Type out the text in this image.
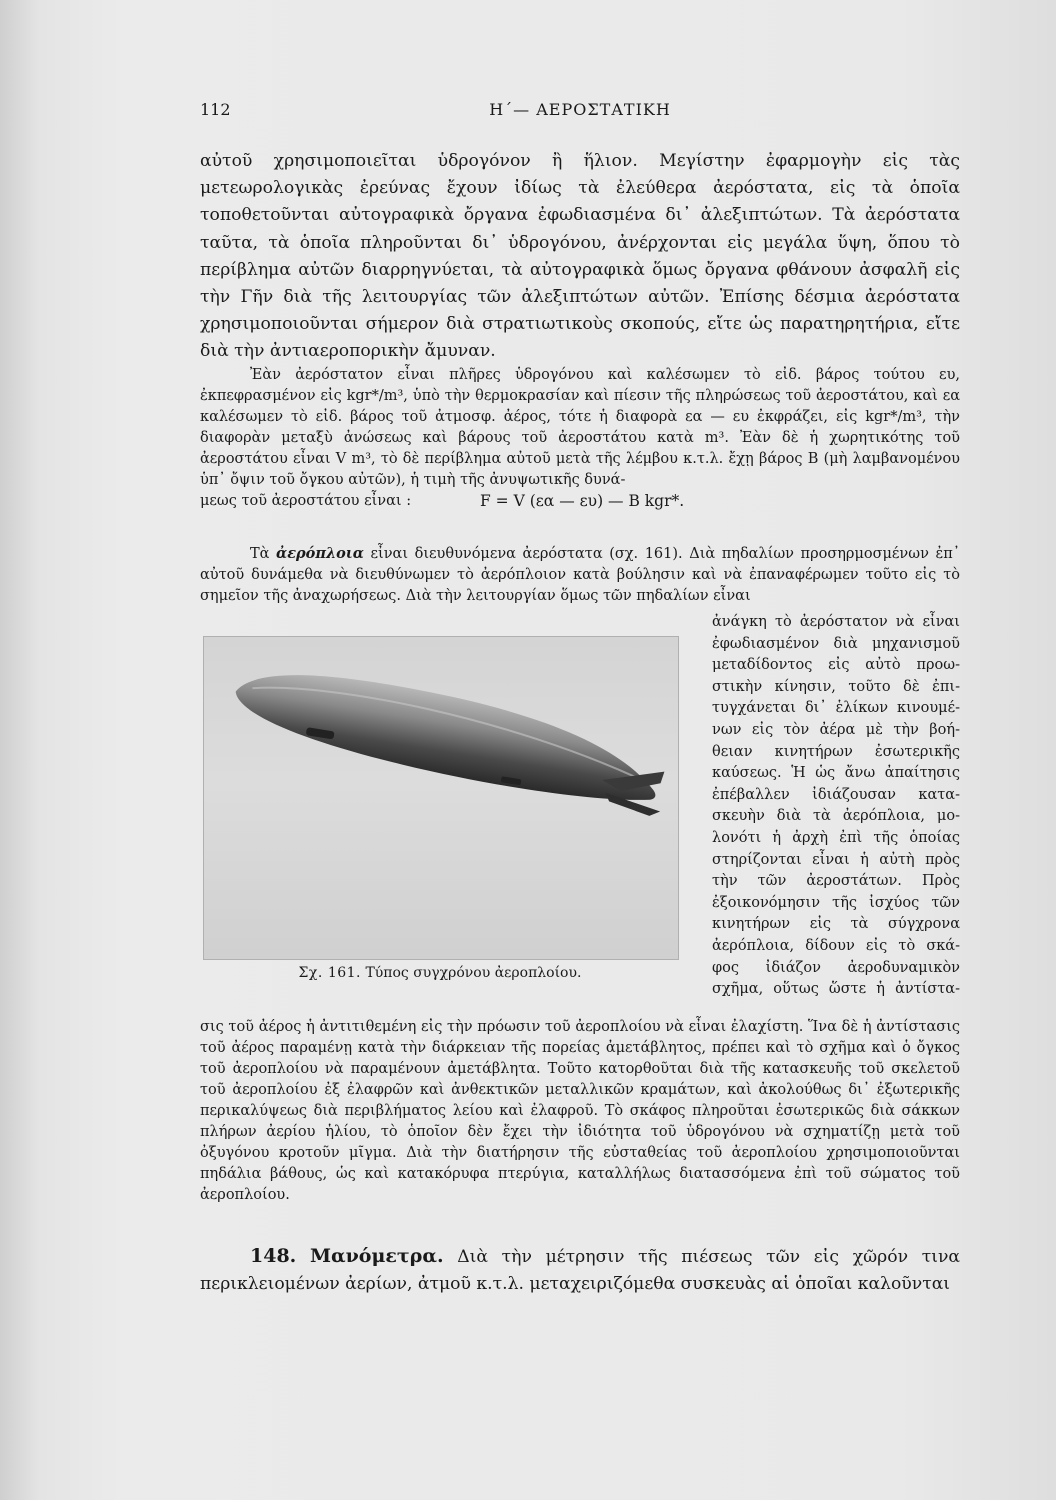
112	Η΄— ΑΕΡΟΣΤΑΤΙΚΗ
αὐτοῦ χρησιμοποιεῖται ὑδρογόνον ἢ ἥλιον. Μεγίστην ἐφαρμογὴν εἰς τὰς μετεωρολογικὰς ἐρεύνας ἔχουν ἰδίως τὰ ἐλεύθερα ἀερόστατα, εἰς τὰ ὁποῖα τοποθετοῦνται αὐτογραφικὰ ὄργανα ἐφωδιασμένα δι᾽ ἀλεξιπτώτων. Τὰ ἀερόστατα ταῦτα, τὰ ὁποῖα πληροῦνται δι᾽ ὑδρογόνου, ἀνέρχονται εἰς μεγάλα ὕψη, ὅπου τὸ περίβλημα αὐτῶν διαρρηγνύεται, τὰ αὐτογραφικὰ ὅμως ὄργανα φθάνουν ἀσφαλῆ εἰς τὴν Γῆν διὰ τῆς λειτουργίας τῶν ἀλεξιπτώτων αὐτῶν. Ἐπίσης δέσμια ἀερόστατα χρησιμοποιοῦνται σήμερον διὰ στρατιωτικοὺς σκοπούς, εἴτε ὡς παρατηρητήρια, εἴτε διὰ τὴν ἀντιαεροπορικὴν ἄμυναν.
Ἐὰν ἀερόστατον εἶναι πλῆρες ὑδρογόνου καὶ καλέσωμεν τὸ εἰδ. βάρος τούτου ευ, ἐκπεφρασμένον εἰς kgr*/m³, ὑπὸ τὴν θερμοκρασίαν καὶ πίεσιν τῆς πληρώσεως τοῦ ἀεροστάτου, καὶ εα καλέσωμεν τὸ εἰδ. βάρος τοῦ ἀτμοσφ. ἀέρος, τότε ἡ διαφορὰ εα — ευ ἐκφράζει, εἰς kgr*/m³, τὴν διαφορὰν μεταξὺ ἀνώσεως καὶ βάρους τοῦ ἀεροστάτου κατὰ m³. Ἐὰν δὲ ἡ χωρητικότης τοῦ ἀεροστάτου εἶναι V m³, τὸ δὲ περίβλημα αὐτοῦ μετὰ τῆς λέμβου κ.τ.λ. ἔχῃ βάρος Β (μὴ λαμβανομένου ὑπ᾽ ὄψιν τοῦ ὄγκου αὐτῶν), ἡ τιμὴ τῆς ἀνυψωτικῆς δυνά-
μεως τοῦ ἀεροστάτου εἶναι :	F = V (εα — ευ) — Β kgr*.
Τὰ ἀερόπλοια εἶναι διευθυνόμενα ἀερόστατα (σχ. 161). Διὰ πηδαλίων προσηρμοσμένων ἐπ᾽ αὐτοῦ δυνάμεθα νὰ διευθύνωμεν τὸ ἀερόπλοιον κατὰ βούλησιν καὶ νὰ ἐπαναφέρωμεν τοῦτο εἰς τὸ σημεῖον τῆς ἀναχωρήσεως. Διὰ τὴν λειτουργίαν ὅμως τῶν πηδαλίων εἶναι
Σχ. 161. Τύπος συγχρόνου ἀεροπλοίου.
ἀνάγκη τὸ ἀερόστατον νὰ εἶναι
ἐφωδιασμένον διὰ μηχανισμοῦ
μεταδίδοντος εἰς αὐτὸ προω-
στικὴν κίνησιν, τοῦτο δὲ ἐπι-
τυγχάνεται δι᾽ ἑλίκων κινουμέ-
νων εἰς τὸν ἀέρα μὲ τὴν βοή-
θειαν κινητήρων ἐσωτερικῆς
καύσεως. Ἡ ὡς ἄνω ἀπαίτησις
ἐπέβαλλεν ἰδιάζουσαν κατα-
σκευὴν διὰ τὰ ἀερόπλοια, μο-
λονότι ἡ ἀρχὴ ἐπὶ τῆς ὁποίας
στηρίζονται εἶναι ἡ αὐτὴ πρὸς
τὴν τῶν ἀεροστάτων. Πρὸς
ἐξοικονόμησιν τῆς ἰσχύος τῶν
κινητήρων εἰς τὰ σύγχρονα
ἀερόπλοια, δίδουν εἰς τὸ σκά-
φος ἰδιάζον ἀεροδυναμικὸν
σχῆμα, οὕτως ὥστε ἡ ἀντίστα-
σις τοῦ ἀέρος ἡ ἀντιτιθεμένη εἰς τὴν πρόωσιν τοῦ ἀεροπλοίου νὰ εἶναι ἐλαχίστη. Ἵνα δὲ ἡ ἀντίστασις τοῦ ἀέρος παραμένῃ κατὰ τὴν διάρκειαν τῆς πορείας ἀμετάβλητος, πρέπει καὶ τὸ σχῆμα καὶ ὁ ὄγκος τοῦ ἀεροπλοίου νὰ παραμένουν ἀμετάβλητα. Τοῦτο κατορθοῦται διὰ τῆς κατασκευῆς τοῦ σκελετοῦ τοῦ ἀεροπλοίου ἐξ ἐλαφρῶν καὶ ἀνθεκτικῶν μεταλλικῶν κραμάτων, καὶ ἀκολούθως δι᾽ ἐξωτερικῆς περικαλύψεως διὰ περιβλήματος λείου καὶ ἐλαφροῦ. Τὸ σκάφος πληροῦται ἐσωτερικῶς διὰ σάκκων πλήρων ἀερίου ἡλίου, τὸ ὁποῖον δὲν ἔχει τὴν ἰδιότητα τοῦ ὑδρογόνου νὰ σχηματίζῃ μετὰ τοῦ ὀξυγόνου κροτοῦν μῖγμα. Διὰ τὴν διατήρησιν τῆς εὐσταθείας τοῦ ἀεροπλοίου χρησιμοποιοῦνται πηδάλια βάθους, ὡς καὶ κατακόρυφα πτερύγια, καταλλήλως διατασσόμενα ἐπὶ τοῦ σώματος τοῦ ἀεροπλοίου.
148. Μανόμετρα. Διὰ τὴν μέτρησιν τῆς πιέσεως τῶν εἰς χῶρόν τινα περικλειομένων ἀερίων, ἀτμοῦ κ.τ.λ. μεταχειριζόμεθα συσκευὰς αἱ ὁποῖαι καλοῦνται
